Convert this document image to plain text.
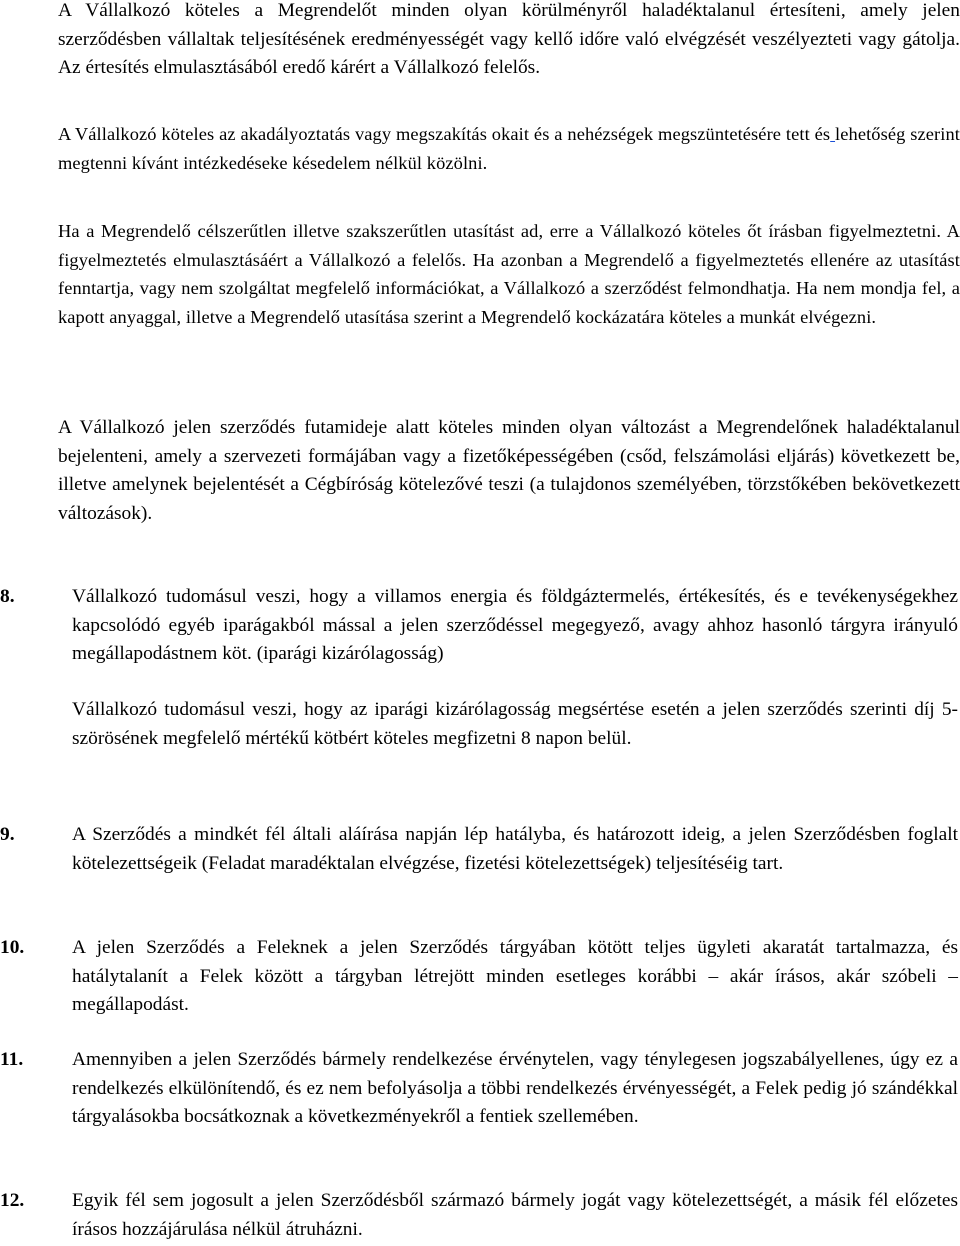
A Vállalkozó köteles a Megrendelőt minden olyan körülményről haladéktalanul értesíteni, amely jelen szerződésben vállaltak teljesítésének eredményességét vagy kellő időre való elvégzését veszélyezteti vagy gátolja. Az értesítés elmulasztásából eredő kárért a Vállalkozó felelős.

A Vállalkozó köteles az akadályoztatás vagy megszakítás okait és a nehézségek megszüntetésére tett és lehetőség szerint megtenni kívánt intézkedéseke késedelem nélkül közölni.

Ha a Megrendelő célszerűtlen illetve szakszerűtlen utasítást ad, erre a Vállalkozó köteles őt írásban figyelmeztetni. A figyelmeztetés elmulasztásáért a Vállalkozó a felelős. Ha azonban a Megrendelő a figyelmeztetés ellenére az utasítást fenntartja, vagy nem szolgáltat megfelelő információkat, a Vállalkozó a szerződést felmondhatja. Ha nem mondja fel, a kapott anyaggal, illetve a Megrendelő utasítása szerint a Megrendelő kockázatára köteles a munkát elvégezni.

A Vállalkozó jelen szerződés futamideje alatt köteles minden olyan változást a Megrendelőnek haladéktalanul bejelenteni, amely a szervezeti formájában vagy a fizetőképességében (csőd, felszámolási eljárás) következett be, illetve amelynek bejelentését a Cégbíróság kötelezővé teszi (a tulajdonos személyében, törzstőkében bekövetkezett változások).

8.	Vállalkozó tudomásul veszi, hogy a villamos energia és földgáztermelés, értékesítés, és e tevékenységekhez kapcsolódó egyéb iparágakból mással a jelen szerződéssel megegyező, avagy ahhoz hasonló tárgyra irányuló megállapodástnem köt. (iparági kizárólagosság)

Vállalkozó tudomásul veszi, hogy az iparági kizárólagosság megsértése esetén a jelen szerződés szerinti díj 5-szörösének megfelelő mértékű kötbért köteles megfizetni 8 napon belül.

9.	A Szerződés a mindkét fél általi aláírása napján lép hatályba, és határozott ideig, a jelen Szerződésben foglalt kötelezettségeik (Feladat maradéktalan elvégzése, fizetési kötelezettségek) teljesítéséig tart.

10. A jelen Szerződés a Feleknek a jelen Szerződés tárgyában kötött teljes ügyleti akaratát tartalmazza, és hatálytalanít a Felek között a tárgyban létrejött minden esetleges korábbi – akár írásos, akár szóbeli – megállapodást.

11.	Amennyiben a jelen Szerződés bármely rendelkezése érvénytelen, vagy ténylegesen jogszabályellenes, úgy ez a rendelkezés elkülönítendő, és ez nem befolyásolja a többi rendelkezés érvényességét, a Felek pedig jó szándékkal tárgyalásokba bocsátkoznak a következményekről a fentiek szellemében.

12. Egyik fél sem jogosult a jelen Szerződésből származó bármely jogát vagy kötelezettségét, a másik fél előzetes írásos hozzájárulása nélkül átruházni.
